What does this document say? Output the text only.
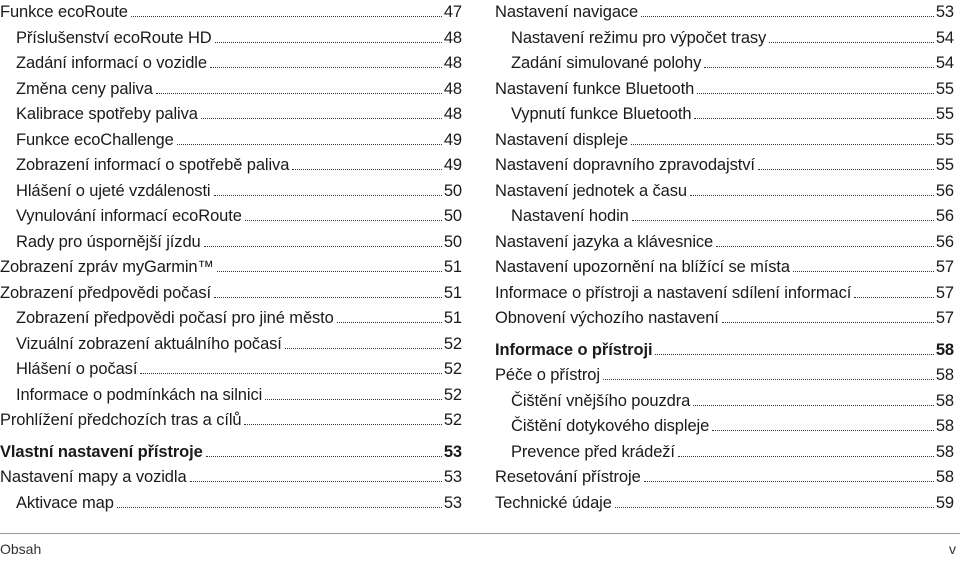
Funkce ecoRoute	47
Příslušenství ecoRoute HD	48
Zadání informací o vozidle	48
Změna ceny paliva	48
Kalibrace spotřeby paliva	48
Funkce ecoChallenge	49
Zobrazení informací o spotřebě paliva	49
Hlášení o ujeté vzdálenosti	50
Vynulování informací ecoRoute	50
Rady pro úspornější jízdu	50
Zobrazení zpráv myGarmin™	51
Zobrazení předpovědi počasí	51
Zobrazení předpovědi počasí pro jiné město	51
Vizuální zobrazení aktuálního počasí	52
Hlášení o počasí	52
Informace o podmínkách na silnici	52
Prohlížení předchozích tras a cílů	52
Vlastní nastavení přístroje	53
Nastavení mapy a vozidla	53
Aktivace map	53
Nastavení navigace	53
Nastavení režimu pro výpočet trasy	54
Zadání simulované polohy	54
Nastavení funkce Bluetooth	55
Vypnutí funkce Bluetooth	55
Nastavení displeje	55
Nastavení dopravního zpravodajství	55
Nastavení jednotek a času	56
Nastavení hodin	56
Nastavení jazyka a klávesnice	56
Nastavení upozornění na blížící se místa	57
Informace o přístroji a nastavení sdílení informací	57
Obnovení výchozího nastavení	57
Informace o přístroji	58
Péče o přístroj	58
Čištění vnějšího pouzdra	58
Čištění dotykového displeje	58
Prevence před krádeží	58
Resetování přístroje	58
Technické údaje	59
Obsah	v
